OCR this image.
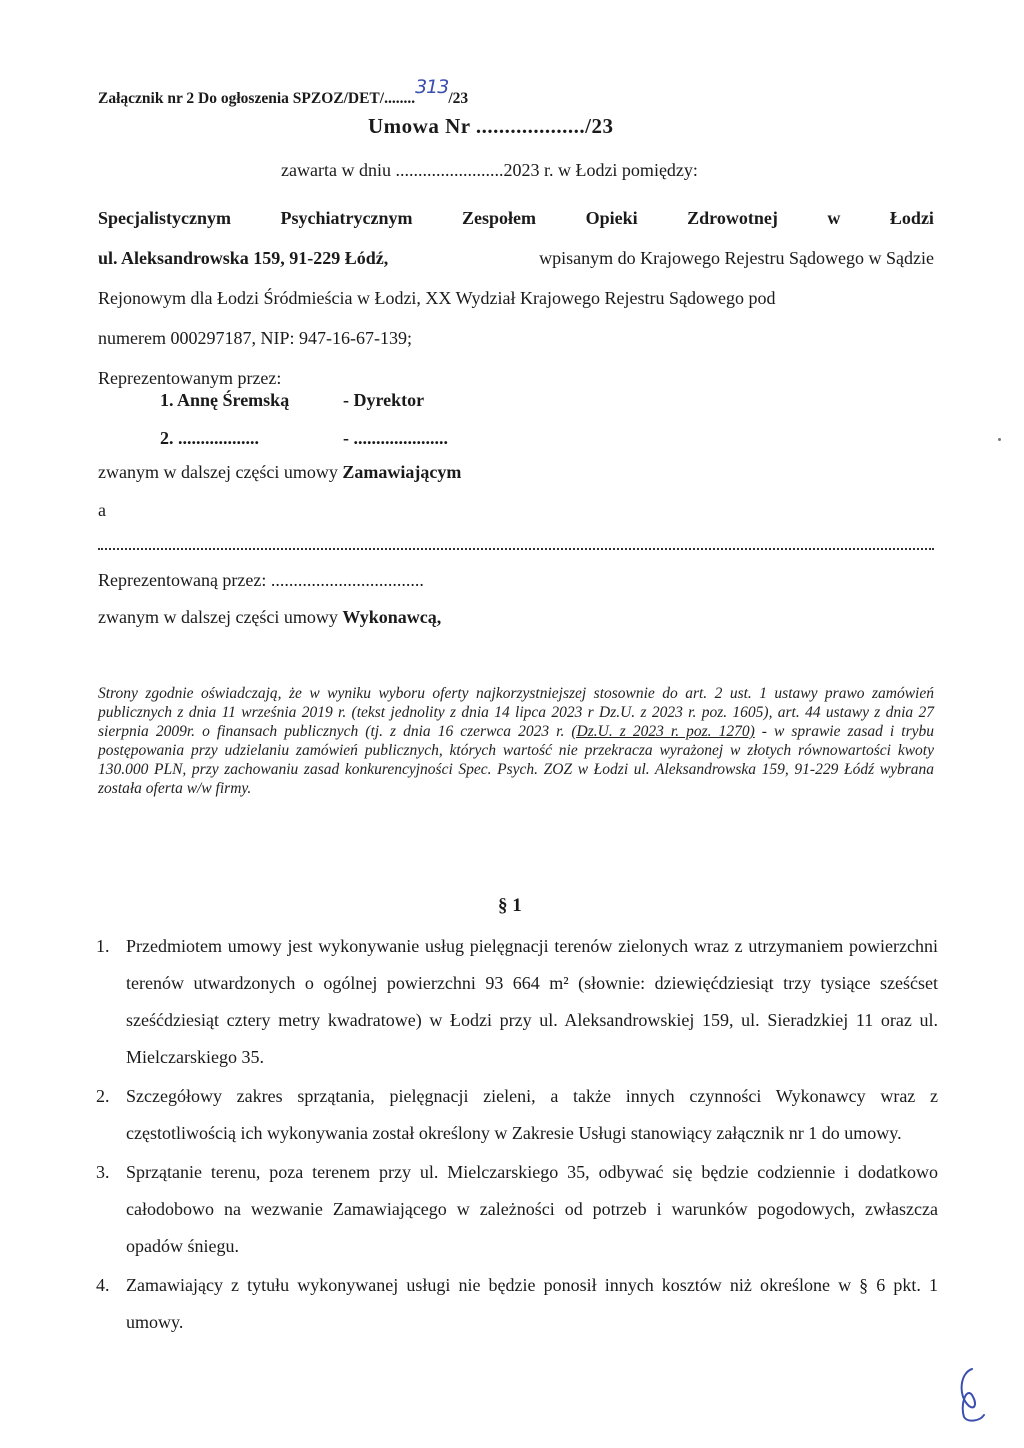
Załącznik nr 2 Do ogłoszenia SPZOZ/DET/........313/23
Umowa Nr .................../23
zawarta w dniu ........................2023 r. w Łodzi pomiędzy:
Specjalistycznym	Psychiatrycznym	Zespołem	Opieki	Zdrowotnej	w	Łodzi
ul. Aleksandrowska 159, 91-229 Łódź,	wpisanym do Krajowego Rejestru Sądowego w Sądzie
Rejonowym dla Łodzi Śródmieścia w Łodzi, XX Wydział Krajowego Rejestru Sądowego pod
numerem 000297187, NIP: 947-16-67-139;
Reprezentowanym przez:
1. Annę Śremską	- Dyrektor
2. ..................	- .....................
zwanym w dalszej części umowy Zamawiającym
a
Reprezentowaną przez: ..................................
zwanym w dalszej części umowy Wykonawcą,
Strony zgodnie oświadczają, że w wyniku wyboru oferty najkorzystniejszej stosownie do art. 2 ust. 1 ustawy prawo zamówień publicznych z dnia 11 września 2019 r. (tekst jednolity z dnia 14 lipca 2023 r Dz.U. z 2023 r. poz. 1605), art. 44 ustawy z dnia 27 sierpnia 2009r. o finansach publicznych (tj. z dnia 16 czerwca 2023 r. (Dz.U. z 2023 r. poz. 1270) - w sprawie zasad i trybu postępowania przy udzielaniu zamówień publicznych, których wartość nie przekracza wyrażonej w złotych równowartości kwoty 130.000 PLN, przy zachowaniu zasad konkurencyjności Spec. Psych. ZOZ w Łodzi ul. Aleksandrowska 159, 91-229 Łódź wybrana została oferta w/w firmy.
§ 1
1. Przedmiotem umowy jest wykonywanie usług pielęgnacji terenów zielonych wraz z utrzymaniem powierzchni terenów utwardzonych o ogólnej powierzchni 93 664 m² (słownie: dziewięćdziesiąt trzy tysiące sześćset sześćdziesiąt cztery metry kwadratowe) w Łodzi przy ul. Aleksandrowskiej 159, ul. Sieradzkiej 11 oraz ul. Mielczarskiego 35.
2. Szczegółowy zakres sprzątania, pielęgnacji zieleni, a także innych czynności Wykonawcy wraz z częstotliwością ich wykonywania został określony w Zakresie Usługi stanowiący załącznik nr 1 do umowy.
3. Sprzątanie terenu, poza terenem przy ul. Mielczarskiego 35, odbywać się będzie codziennie i dodatkowo całodobowo na wezwanie Zamawiającego w zależności od potrzeb i warunków pogodowych, zwłaszcza opadów śniegu.
4. Zamawiający z tytułu wykonywanej usługi nie będzie ponosił innych kosztów niż określone w § 6 pkt. 1 umowy.
